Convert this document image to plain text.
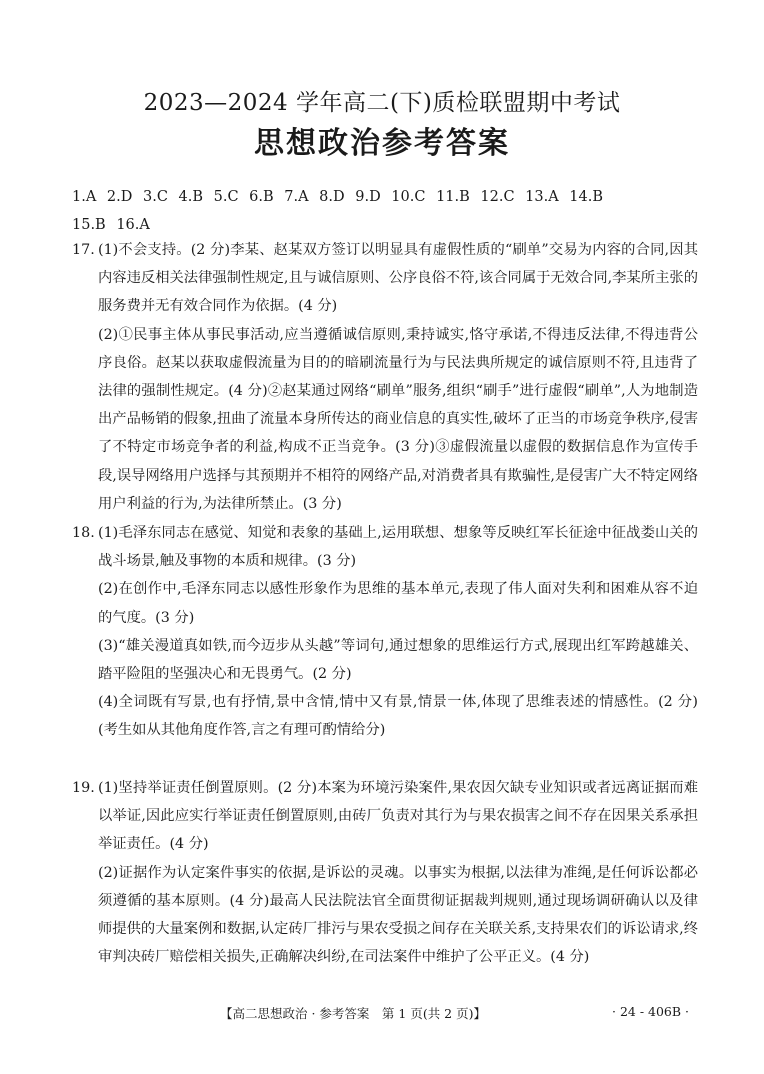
2023—2024 学年高二(下)质检联盟期中考试
思想政治参考答案
1.A 2.D 3.C 4.B 5.C 6.B 7.A 8.D 9.D 10.C 11.B 12.C 13.A 14.B
15.B 16.A
17. (1)不会支持。(2 分)李某、赵某双方签订以明显具有虚假性质的“刷单”交易为内容的合同,因其内容违反相关法律强制性规定,且与诚信原则、公序良俗不符,该合同属于无效合同,李某所主张的服务费并无有效合同作为依据。(4 分)

(2)①民事主体从事民事活动,应当遵循诚信原则,秉持诚实,恪守承诺,不得违反法律,不得违背公序良俗。赵某以获取虚假流量为目的的暗刷流量行为与民法典所规定的诚信原则不符,且违背了法律的强制性规定。(4 分)②赵某通过网络“刷单”服务,组织“刷手”进行虚假“刷单”,人为地制造出产品畅销的假象,扭曲了流量本身所传达的商业信息的真实性,破坏了正当的市场竞争秩序,侵害了不特定市场竞争者的利益,构成不正当竞争。(3 分)③虚假流量以虚假的数据信息作为宣传手段,误导网络用户选择与其预期并不相符的网络产品,对消费者具有欺骗性,是侵害广大不特定网络用户利益的行为,为法律所禁止。(3 分)

18. (1)毛泽东同志在感觉、知觉和表象的基础上,运用联想、想象等反映红军长征途中征战娄山关的战斗场景,触及事物的本质和规律。(3 分)

(2)在创作中,毛泽东同志以感性形象作为思维的基本单元,表现了伟人面对失利和困难从容不迫的气度。(3 分)

(3)“雄关漫道真如铁,而今迈步从头越”等词句,通过想象的思维运行方式,展现出红军跨越雄关、踏平险阻的坚强决心和无畏勇气。(2 分)

(4)全词既有写景,也有抒情,景中含情,情中又有景,情景一体,体现了思维表述的情感性。(2 分)(考生如从其他角度作答,言之有理可酌情给分)

19. (1)坚持举证责任倒置原则。(2 分)本案为环境污染案件,果农因欠缺专业知识或者远离证据而难以举证,因此应实行举证责任倒置原则,由砖厂负责对其行为与果农损害之间不存在因果关系承担举证责任。(4 分)

(2)证据作为认定案件事实的依据,是诉讼的灵魂。以事实为根据,以法律为准绳,是任何诉讼都必须遵循的基本原则。(4 分)最高人民法院法官全面贯彻证据裁判规则,通过现场调研确认以及律师提供的大量案例和数据,认定砖厂排污与果农受损之间存在关联关系,支持果农们的诉讼请求,终审判决砖厂赔偿相关损失,正确解决纠纷,在司法案件中维护了公平正义。(4 分)

【高二思想政治 · 参考答案　第 1 页(共 2 页)】	· 24 - 406B ·
